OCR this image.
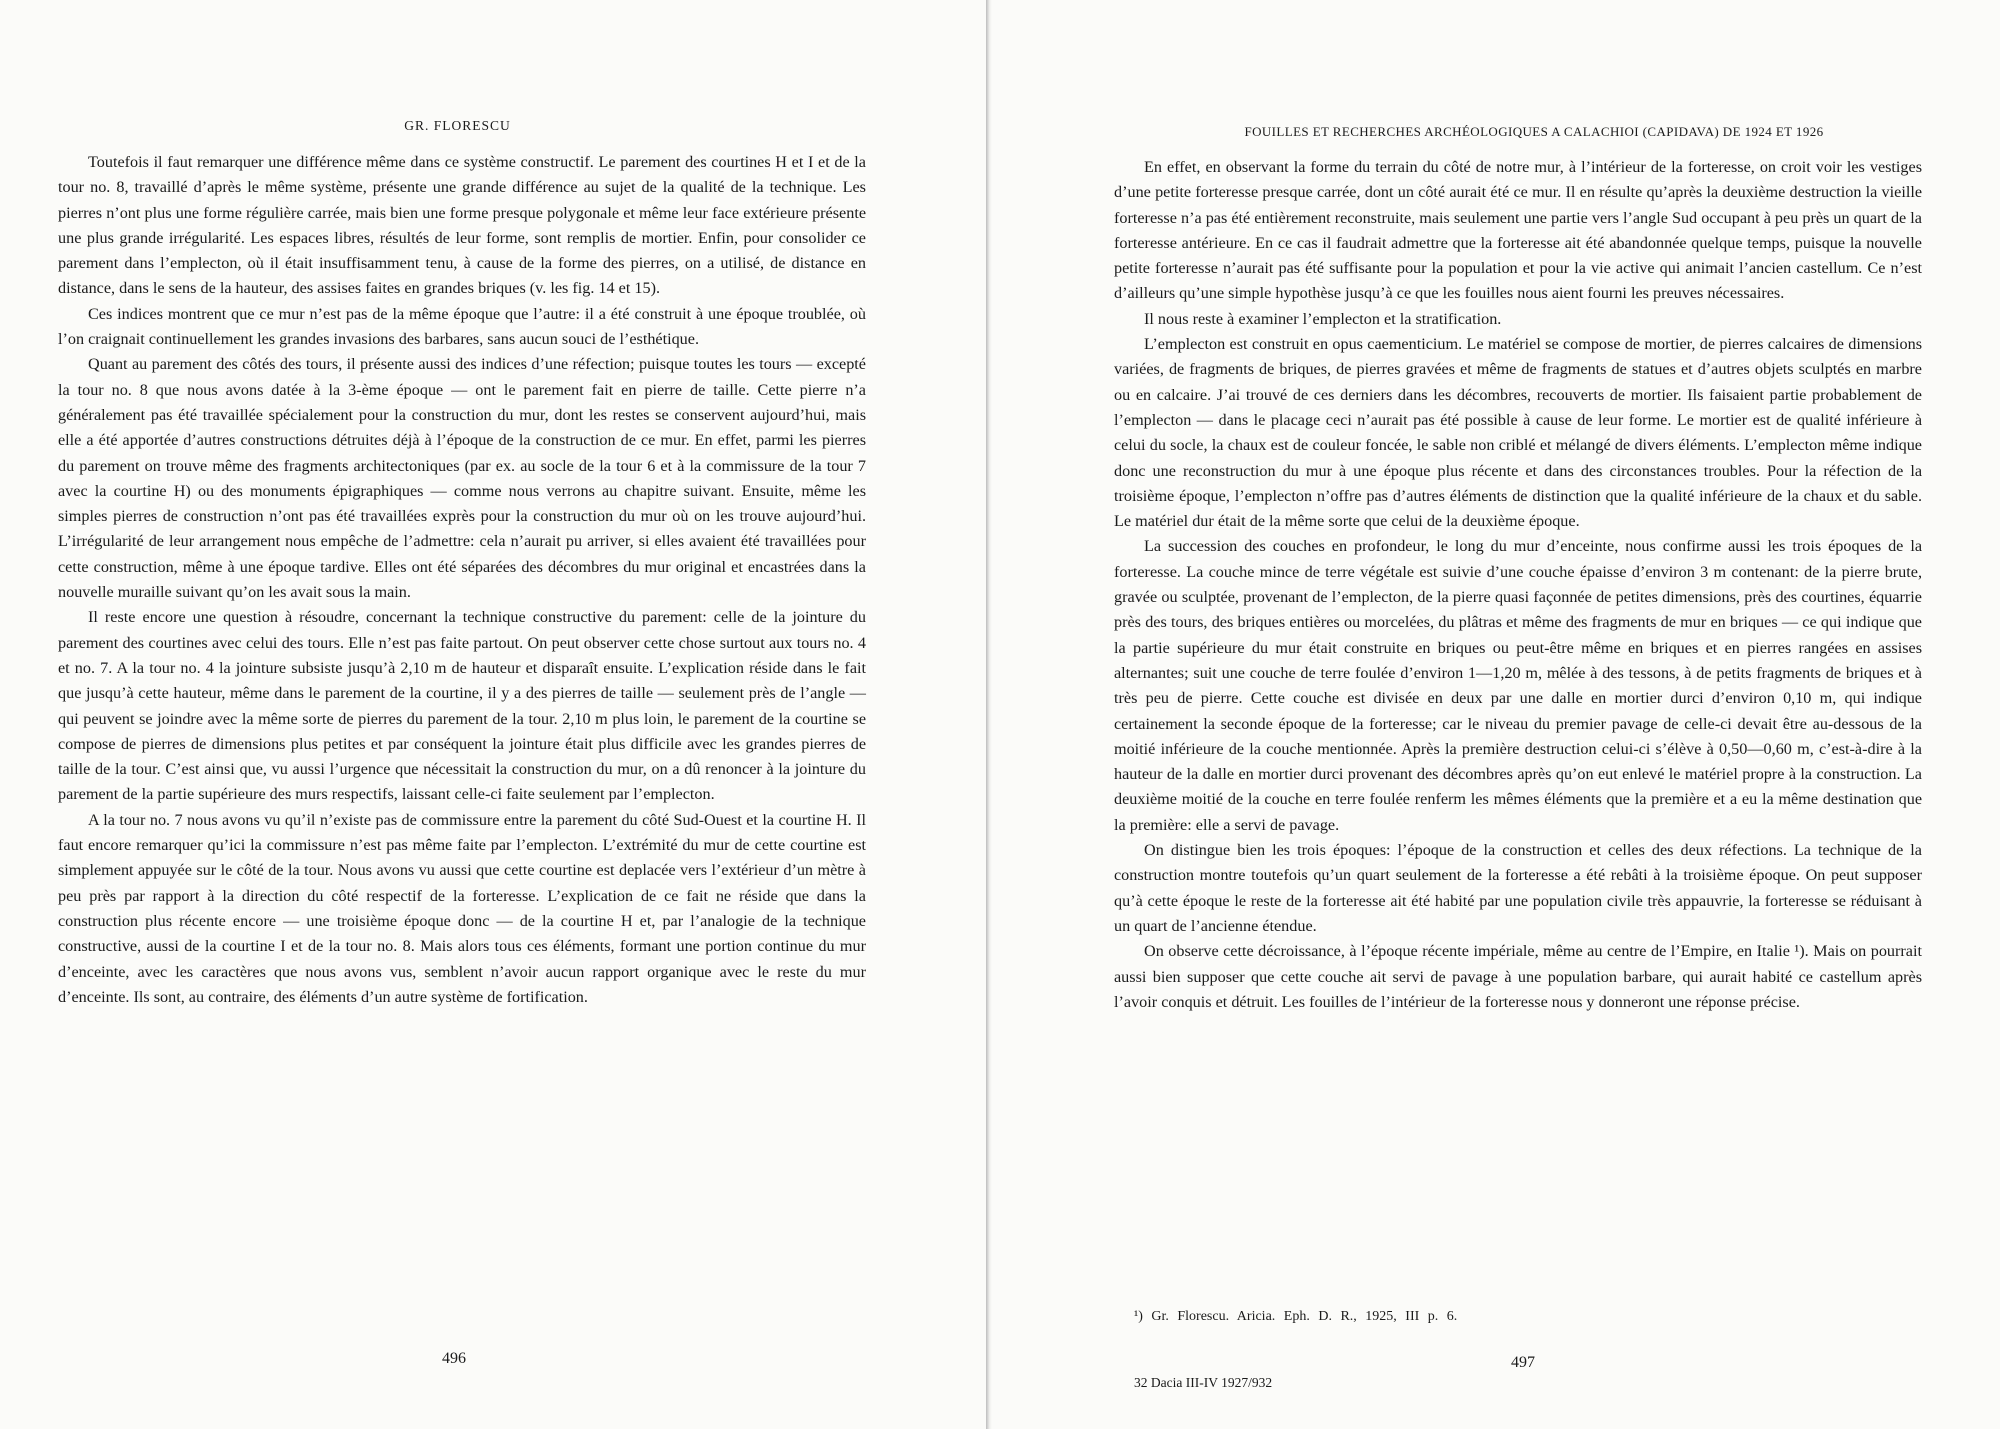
GR. FLORESCU

Toutefois il faut remarquer une différence même dans ce système constructif. Le parement des courtines H et I et de la tour no. 8, travaillé d’après le même système, présente une grande différence au sujet de la qualité de la technique. Les pierres n’ont plus une forme régulière carrée, mais bien une forme presque polygonale et même leur face extérieure présente une plus grande irrégularité. Les espaces libres, résultés de leur forme, sont remplis de mortier. Enfin, pour consolider ce parement dans l’emplecton, où il était insuffisamment tenu, à cause de la forme des pierres, on a utilisé, de distance en distance, dans le sens de la hauteur, des assises faites en grandes briques (v. les fig. 14 et 15).

Ces indices montrent que ce mur n’est pas de la même époque que l’autre: il a été construit à une époque troublée, où l’on craignait continuellement les grandes invasions des barbares, sans aucun souci de l’esthétique.

Quant au parement des côtés des tours, il présente aussi des indices d’une réfection; puisque toutes les tours — excepté la tour no. 8 que nous avons datée à la 3-ème époque — ont le parement fait en pierre de taille. Cette pierre n’a généralement pas été travaillée spécialement pour la construction du mur, dont les restes se conservent aujourd’hui, mais elle a été apportée d’autres constructions détruites déjà à l’époque de la construction de ce mur. En effet, parmi les pierres du parement on trouve même des fragments architectoniques (par ex. au socle de la tour 6 et à la commissure de la tour 7 avec la courtine H) ou des monuments épigraphiques — comme nous verrons au chapitre suivant. Ensuite, même les simples pierres de construction n’ont pas été travaillées exprès pour la construction du mur où on les trouve aujourd’hui. L’irrégularité de leur arrangement nous empêche de l’admettre: cela n’aurait pu arriver, si elles avaient été travaillées pour cette construction, même à une époque tardive. Elles ont été séparées des décombres du mur original et encastrées dans la nouvelle muraille suivant qu’on les avait sous la main.

Il reste encore une question à résoudre, concernant la technique constructive du parement: celle de la jointure du parement des courtines avec celui des tours. Elle n’est pas faite partout. On peut observer cette chose surtout aux tours no. 4 et no. 7. A la tour no. 4 la jointure subsiste jusqu’à 2,10 m de hauteur et disparaît ensuite. L’explication réside dans le fait que jusqu’à cette hauteur, même dans le parement de la courtine, il y a des pierres de taille — seulement près de l’angle — qui peuvent se joindre avec la même sorte de pierres du parement de la tour. 2,10 m plus loin, le parement de la courtine se compose de pierres de dimensions plus petites et par conséquent la jointure était plus difficile avec les grandes pierres de taille de la tour. C’est ainsi que, vu aussi l’urgence que nécessitait la construction du mur, on a dû renoncer à la jointure du parement de la partie supérieure des murs respectifs, laissant celle-ci faite seulement par l’emplecton.

A la tour no. 7 nous avons vu qu’il n’existe pas de commissure entre la parement du côté Sud-Ouest et la courtine H. Il faut encore remarquer qu’ici la commissure n’est pas même faite par l’emplecton. L’extrémité du mur de cette courtine est simplement appuyée sur le côté de la tour. Nous avons vu aussi que cette courtine est deplacée vers l’extérieur d’un mètre à peu près par rapport à la direction du côté respectif de la forteresse. L’explication de ce fait ne réside que dans la construction plus récente encore — une troisième époque donc — de la courtine H et, par l’analogie de la technique constructive, aussi de la courtine I et de la tour no. 8. Mais alors tous ces éléments, formant une portion continue du mur d’enceinte, avec les caractères que nous avons vus, semblent n’avoir aucun rapport organique avec le reste du mur d’enceinte. Ils sont, au contraire, des éléments d’un autre système de fortification.

496
FOUILLES ET RECHERCHES ARCHÉOLOGIQUES A CALACHIOI (CAPIDAVA) DE 1924 ET 1926

En effet, en observant la forme du terrain du côté de notre mur, à l’intérieur de la forteresse, on croit voir les vestiges d’une petite forteresse presque carrée, dont un côté aurait été ce mur. Il en résulte qu’après la deuxième destruction la vieille forteresse n’a pas été entièrement reconstruite, mais seulement une partie vers l’angle Sud occupant à peu près un quart de la forteresse antérieure. En ce cas il faudrait admettre que la forteresse ait été abandonnée quelque temps, puisque la nouvelle petite forteresse n’aurait pas été suffisante pour la population et pour la vie active qui animait l’ancien castellum. Ce n’est d’ailleurs qu’une simple hypothèse jusqu’à ce que les fouilles nous aient fourni les preuves nécessaires.

Il nous reste à examiner l’emplecton et la stratification.

L’emplecton est construit en opus caementicium. Le matériel se compose de mortier, de pierres calcaires de dimensions variées, de fragments de briques, de pierres gravées et même de fragments de statues et d’autres objets sculptés en marbre ou en calcaire. J’ai trouvé de ces derniers dans les décombres, recouverts de mortier. Ils faisaient partie probablement de l’emplecton — dans le placage ceci n’aurait pas été possible à cause de leur forme. Le mortier est de qualité inférieure à celui du socle, la chaux est de couleur foncée, le sable non criblé et mélangé de divers éléments. L’emplecton même indique donc une reconstruction du mur à une époque plus récente et dans des circonstances troubles. Pour la réfection de la troisième époque, l’emplecton n’offre pas d’autres éléments de distinction que la qualité inférieure de la chaux et du sable. Le matériel dur était de la même sorte que celui de la deuxième époque.

La succession des couches en profondeur, le long du mur d’enceinte, nous confirme aussi les trois époques de la forteresse. La couche mince de terre végétale est suivie d’une couche épaisse d’environ 3 m contenant: de la pierre brute, gravée ou sculptée, provenant de l’emplecton, de la pierre quasi façonnée de petites dimensions, près des courtines, équarrie près des tours, des briques entières ou morcelées, du plâtras et même des fragments de mur en briques — ce qui indique que la partie supérieure du mur était construite en briques ou peut-être même en briques et en pierres rangées en assises alternantes; suit une couche de terre foulée d’environ 1—1,20 m, mêlée à des tessons, à de petits fragments de briques et à très peu de pierre. Cette couche est divisée en deux par une dalle en mortier durci d’environ 0,10 m, qui indique certainement la seconde époque de la forteresse; car le niveau du premier pavage de celle-ci devait être au-dessous de la moitié inférieure de la couche mentionnée. Après la première destruction celui-ci s’élève à 0,50—0,60 m, c’est-à-dire à la hauteur de la dalle en mortier durci provenant des décombres après qu’on eut enlevé le matériel propre à la construction. La deuxième moitié de la couche en terre foulée renferm les mêmes éléments que la première et a eu la même destination que la première: elle a servi de pavage.

On distingue bien les trois époques: l’époque de la construction et celles des deux réfections. La technique de la construction montre toutefois qu’un quart seulement de la forteresse a été rebâti à la troisième époque. On peut supposer qu’à cette époque le reste de la forteresse ait été habité par une population civile très appauvrie, la forteresse se réduisant à un quart de l’ancienne étendue.

On observe cette décroissance, à l’époque récente impériale, même au centre de l’Empire, en Italie ¹). Mais on pourrait aussi bien supposer que cette couche ait servi de pavage à une population barbare, qui aurait habité ce castellum après l’avoir conquis et détruit. Les fouilles de l’intérieur de la forteresse nous y donneront une réponse précise.

¹) Gr. Florescu. Aricia. Eph. D. R., 1925, III p. 6.
497
32 Dacia III-IV 1927/932
